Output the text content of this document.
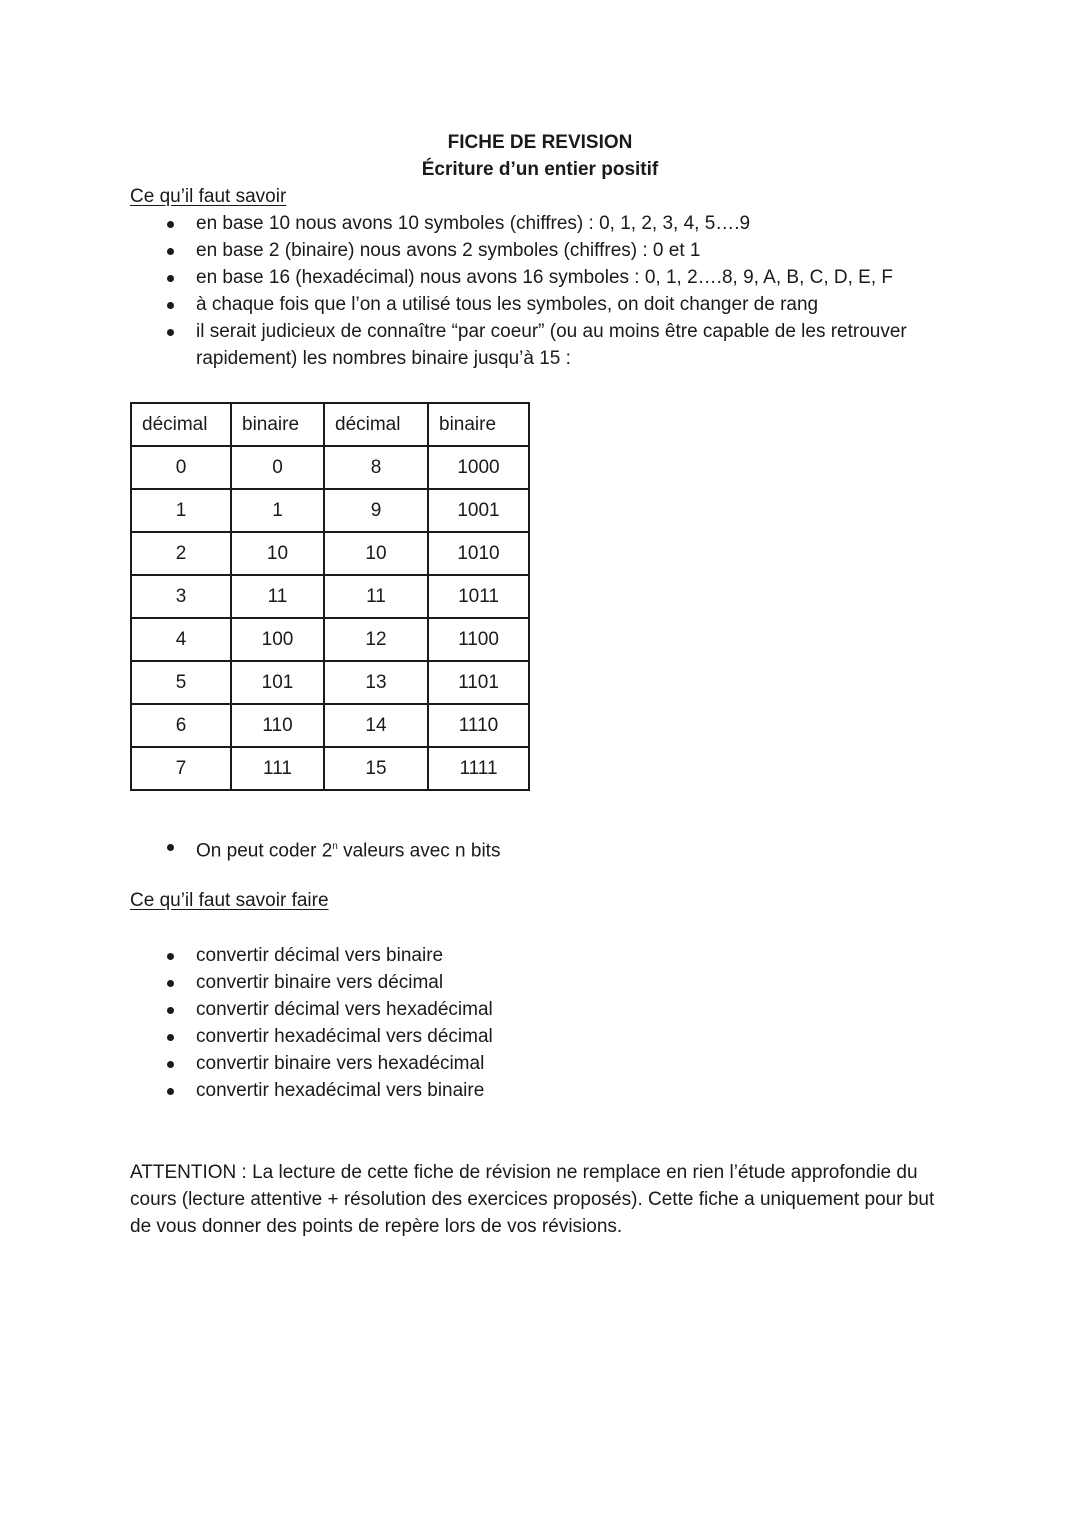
FICHE DE REVISION
Écriture d’un entier positif
Ce qu’il faut savoir
en base 10 nous avons 10 symboles (chiffres) : 0, 1, 2, 3, 4, 5….9
en base 2 (binaire) nous avons 2 symboles (chiffres) : 0 et 1
en base 16 (hexadécimal) nous avons 16 symboles : 0, 1, 2….8, 9, A, B, C, D, E, F
à chaque fois que l’on a utilisé tous les symboles, on doit changer de rang
il serait judicieux de connaître “par coeur” (ou au moins être capable de les retrouver rapidement) les nombres binaire jusqu’à 15 :
décimal	binaire	décimal	binaire
0	0	8	1000
1	1	9	1001
2	10	10	1010
3	11	11	1011
4	100	12	1100
5	101	13	1101
6	110	14	1110
7	111	15	1111
On peut coder 2$^n$ valeurs avec n bits
Ce qu’il faut savoir faire
convertir décimal vers binaire
convertir binaire vers décimal
convertir décimal vers hexadécimal
convertir hexadécimal vers décimal
convertir binaire vers hexadécimal
convertir hexadécimal vers binaire
ATTENTION : La lecture de cette fiche de révision ne remplace en rien l’étude approfondie du cours (lecture attentive + résolution des exercices proposés). Cette fiche a uniquement pour but de vous donner des points de repère lors de vos révisions.
